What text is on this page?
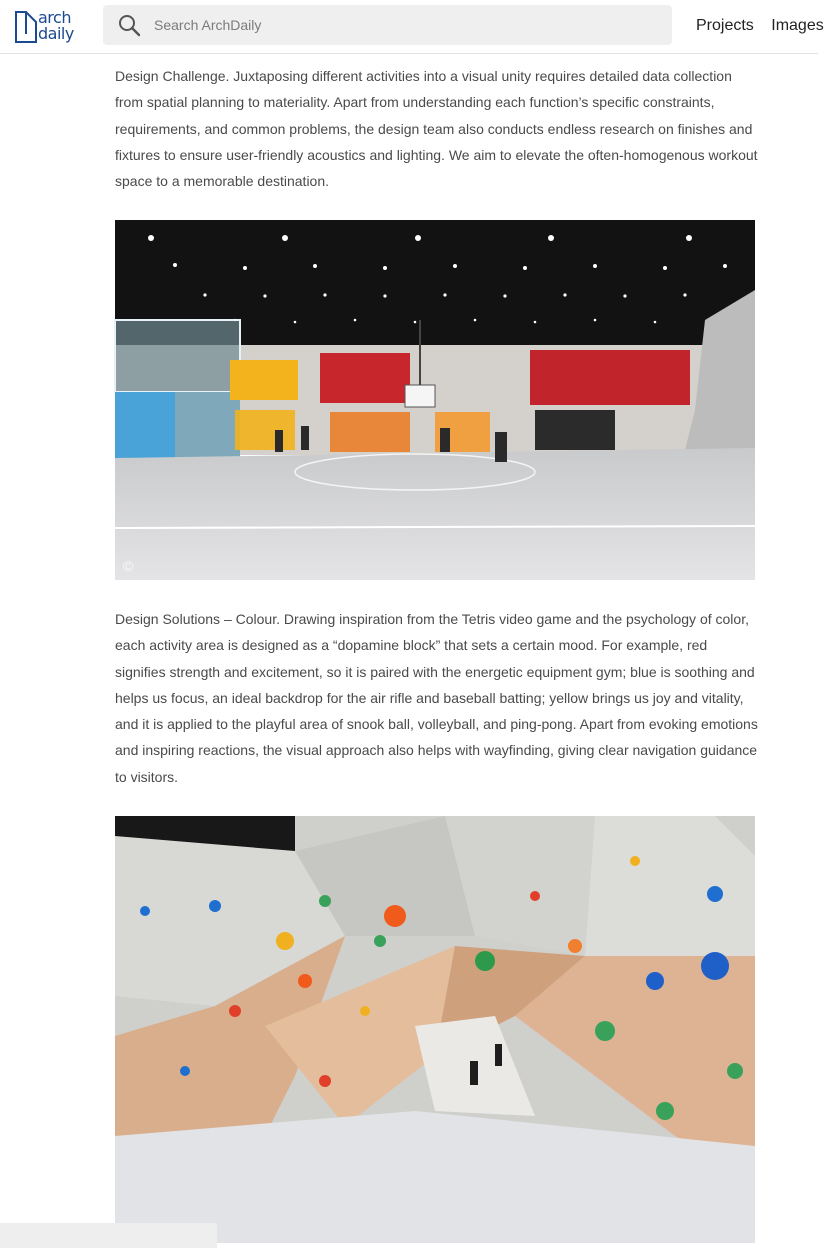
arch
daily
Search ArchDaily	Projects Images

Design Challenge. Juxtaposing different activities into a visual unity requires detailed data collection from spatial planning to materiality. Apart from understanding each function’s specific constraints, requirements, and common problems, the design team also conducts endless research on finishes and fixtures to ensure user-friendly acoustics and lighting. We aim to elevate the often-homogenous workout space to a memorable destination.

©

Design Solutions – Colour. Drawing inspiration from the Tetris video game and the psychology of color, each activity area is designed as a “dopamine block” that sets a certain mood. For example, red signifies strength and excitement, so it is paired with the energetic equipment gym; blue is soothing and helps us focus, an ideal backdrop for the air rifle and baseball batting; yellow brings us joy and vitality, and it is applied to the playful area of snook ball, volleyball, and ping-pong. Apart from evoking emotions and inspiring reactions, the visual approach also helps with wayfinding, giving clear navigation guidance to visitors.
